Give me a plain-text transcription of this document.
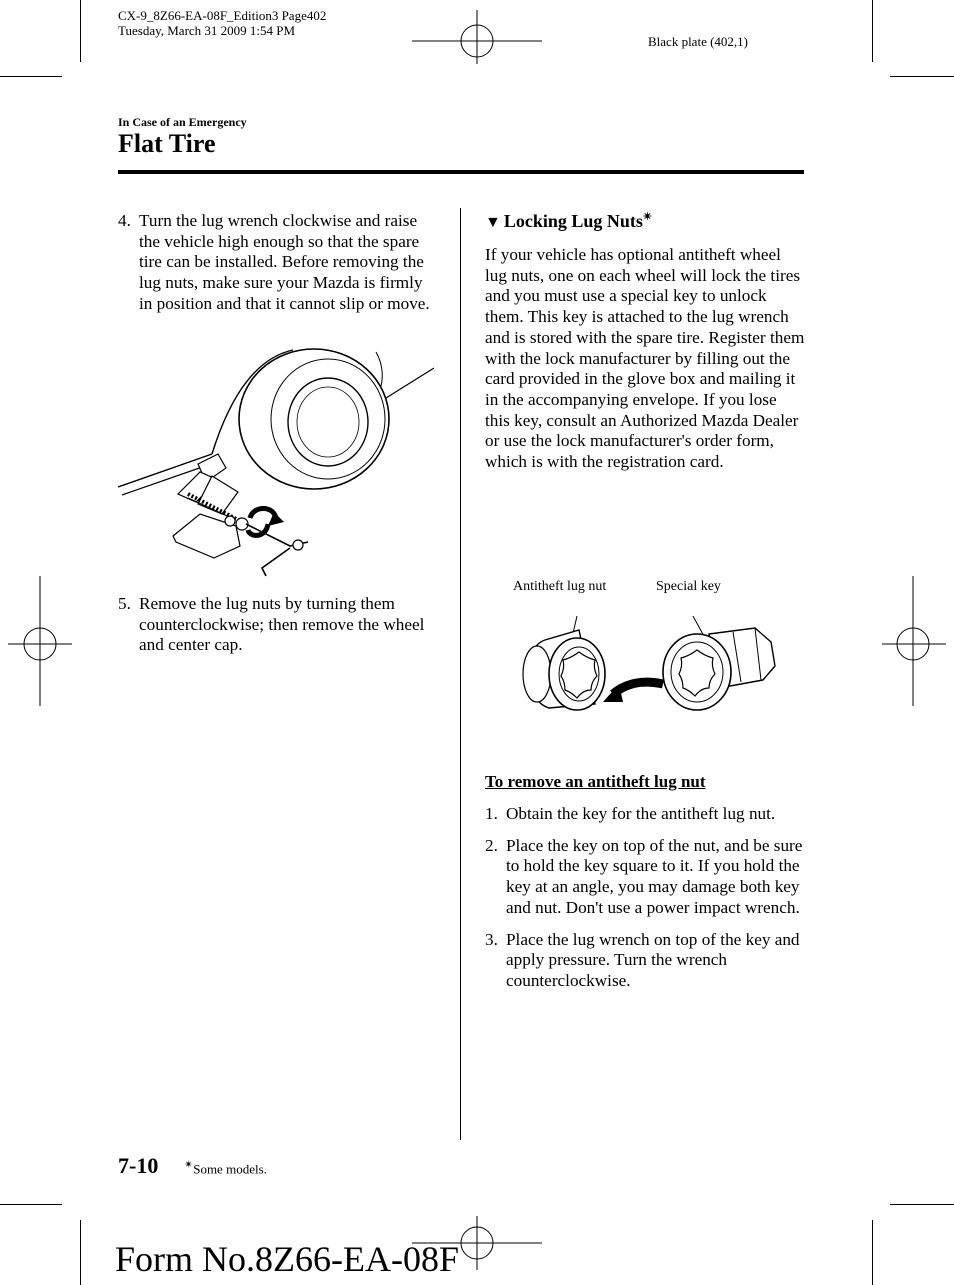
CX-9_8Z66-EA-08F_Edition3 Page402
Tuesday, March 31 2009 1:54 PM
Black plate (402,1)
In Case of an Emergency
Flat Tire
4. Turn the lug wrench clockwise and raise the vehicle high enough so that the spare tire can be installed. Before removing the lug nuts, make sure your Mazda is firmly in position and that it cannot slip or move.
5. Remove the lug nuts by turning them counterclockwise; then remove the wheel and center cap.
▼ Locking Lug Nuts✴
If your vehicle has optional antitheft wheel lug nuts, one on each wheel will lock the tires and you must use a special key to unlock them. This key is attached to the lug wrench and is stored with the spare tire. Register them with the lock manufacturer by filling out the card provided in the glove box and mailing it in the accompanying envelope. If you lose this key, consult an Authorized Mazda Dealer or use the lock manufacturer's order form, which is with the registration card.
Antitheft lug nut	Special key
To remove an antitheft lug nut
1. Obtain the key for the antitheft lug nut.
2. Place the key on top of the nut, and be sure to hold the key square to it. If you hold the key at an angle, you may damage both key and nut. Don't use a power impact wrench.
3. Place the lug wrench on top of the key and apply pressure. Turn the wrench counterclockwise.
7-10 ✴Some models.
Form No.8Z66-EA-08F
